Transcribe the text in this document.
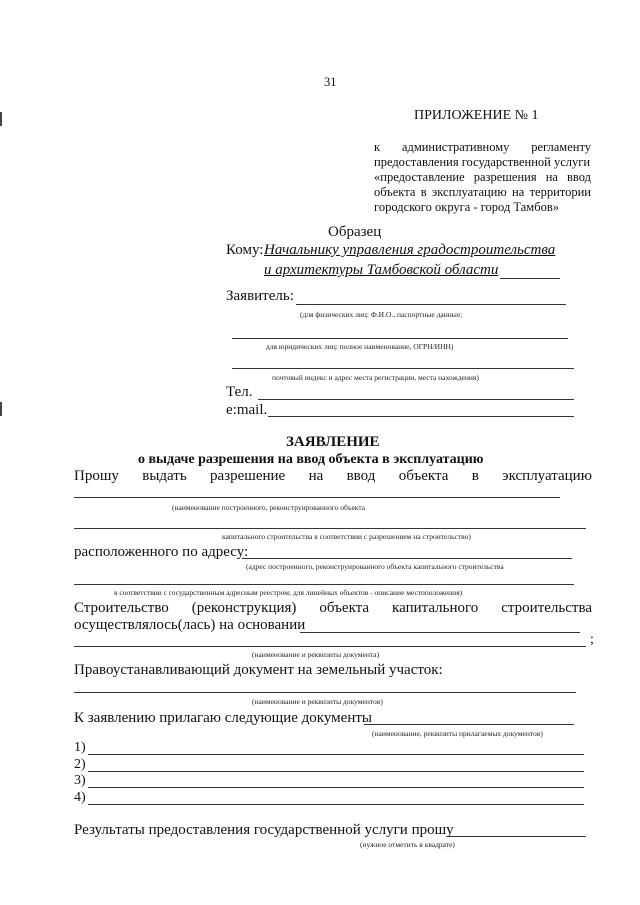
31
ПРИЛОЖЕНИЕ № 1
к административному регламенту
предоставления государственной услуги
«предоставление разрешения на ввод
объекта в эксплуатацию на территории
городского округа - город Тамбов»
Образец
Кому: Начальнику управления градостроительства
и архитектуры Тамбовской области
Заявитель:
(для физических лиц: Ф.И.О., паспортные данные;
для юридических лиц: полное наименование, ОГРН/ИНН)
почтовый индекс и адрес места регистрации, места нахождения)
Тел.
e:mail.
ЗАЯВЛЕНИЕ
о выдаче разрешения на ввод объекта в эксплуатацию
Прошу выдать разрешение на ввод объекта в эксплуатацию
(наименование построенного, реконструированного объекта
капитального строительства в соответствии с разрешением на строительство)
расположенного по адресу:
(адрес построенного, реконструированного объекта капитального строительства
в соответствии с государственным адресным реестром; для линейных объектов - описание местоположения)
Строительство (реконструкция) объекта капитального строительства
осуществлялось(лась) на основании
;
(наименование и реквизиты документа)
Правоустанавливающий документ на земельный участок:
(наименование и реквизиты документов)
К заявлению прилагаю следующие документы
(наименование, реквизиты прилагаемых документов)
1)
2)
3)
4)
Результаты предоставления государственной услуги прошу
(нужное отметить в квадрате)
